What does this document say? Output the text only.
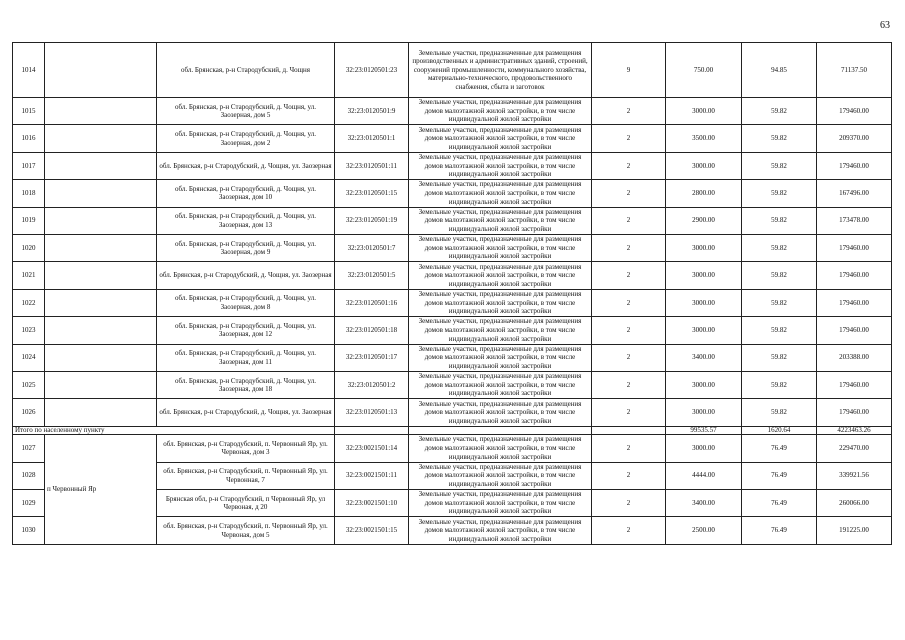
63
1014		обл. Брянская, р-н Стародубский, д. Чощня	32:23:0120501:23	Земельные участки, предназначенные для размещения производственных и административных зданий, строений, сооружений промышленности, коммунального хозяйства, материально-технического, продовольственного снабжения, сбыта и заготовок	9	750.00	94.85	71137.50
1015		обл. Брянская, р-н Стародубский, д. Чощня, ул. Заозерная, дом 5	32:23:0120501:9	Земельные участки, предназначенные для размещения домов малоэтажной жилой застройки, в том числе индивидуальной жилой застройки	2	3000.00	59.82	179460.00
1016		обл. Брянская, р-н Стародубский, д. Чощня, ул. Заозерная, дом 2	32:23:0120501:1	Земельные участки, предназначенные для размещения домов малоэтажной жилой застройки, в том числе индивидуальной жилой застройки	2	3500.00	59.82	209370.00
1017		обл. Брянская, р-н Стародубский, д. Чощня, ул. Заозерная	32:23:0120501:11	Земельные участки, предназначенные для размещения домов малоэтажной жилой застройки, в том числе индивидуальной жилой застройки	2	3000.00	59.82	179460.00
1018		обл. Брянская, р-н Стародубский, д. Чощня, ул. Заозерная, дом 10	32:23:0120501:15	Земельные участки, предназначенные для размещения домов малоэтажной жилой застройки, в том числе индивидуальной жилой застройки	2	2800.00	59.82	167496.00
1019		обл. Брянская, р-н Стародубский, д. Чощня, ул. Заозерная, дом 13	32:23:0120501:19	Земельные участки, предназначенные для размещения домов малоэтажной жилой застройки, в том числе индивидуальной жилой застройки	2	2900.00	59.82	173478.00
1020		обл. Брянская, р-н Стародубский, д. Чощня, ул. Заозерная, дом 9	32:23:0120501:7	Земельные участки, предназначенные для размещения домов малоэтажной жилой застройки, в том числе индивидуальной жилой застройки	2	3000.00	59.82	179460.00
1021		обл. Брянская, р-н Стародубский, д. Чощня, ул. Заозерная	32:23:0120501:5	Земельные участки, предназначенные для размещения домов малоэтажной жилой застройки, в том числе индивидуальной жилой застройки	2	3000.00	59.82	179460.00
1022		обл. Брянская, р-н Стародубский, д. Чощня, ул. Заозерная, дом 8	32:23:0120501:16	Земельные участки, предназначенные для размещения домов малоэтажной жилой застройки, в том числе индивидуальной жилой застройки	2	3000.00	59.82	179460.00
1023		обл. Брянская, р-н Стародубский, д. Чощня, ул. Заозерная, дом 12	32:23:0120501:18	Земельные участки, предназначенные для размещения домов малоэтажной жилой застройки, в том числе индивидуальной жилой застройки	2	3000.00	59.82	179460.00
1024		обл. Брянская, р-н Стародубский, д. Чощня, ул. Заозерная, дом 11	32:23:0120501:17	Земельные участки, предназначенные для размещения домов малоэтажной жилой застройки, в том числе индивидуальной жилой застройки	2	3400.00	59.82	203388.00
1025		обл. Брянская, р-н Стародубский, д. Чощня, ул. Заозерная, дом 18	32:23:0120501:2	Земельные участки, предназначенные для размещения домов малоэтажной жилой застройки, в том числе индивидуальной жилой застройки	2	3000.00	59.82	179460.00
1026		обл. Брянская, р-н Стародубский, д. Чощня, ул. Заозерная	32:23:0120501:13	Земельные участки, предназначенные для размещения домов малоэтажной жилой застройки, в том числе индивидуальной жилой застройки	2	3000.00	59.82	179460.00
Итого по населенному пункту						99535.57	1620.64	4223463.26
1027	п Червонный Яр	обл. Брянская, р-н Стародубский, п. Червонный Яр, ул. Червоная, дом 3	32:23:0021501:14	Земельные участки, предназначенные для размещения домов малоэтажной жилой застройки, в том числе индивидуальной жилой застройки	2	3000.00	76.49	229470.00
1028		обл. Брянская, р-н Стародубский, п. Червонный Яр, ул. Червонная, 7	32:23:0021501:11	Земельные участки, предназначенные для размещения домов малоэтажной жилой застройки, в том числе индивидуальной жилой застройки	2	4444.00	76.49	339921.56
1029		Брянская обл, р-н Стародубский, п Червонный Яр, ул Червоная, д 20	32:23:0021501:10	Земельные участки, предназначенные для размещения домов малоэтажной жилой застройки, в том числе индивидуальной жилой застройки	2	3400.00	76.49	260066.00
1030		обл. Брянская, р-н Стародубский, п. Червонный Яр, ул. Червоная, дом 5	32:23:0021501:15	Земельные участки, предназначенные для размещения домов малоэтажной жилой застройки, в том числе индивидуальной жилой застройки	2	2500.00	76.49	191225.00
